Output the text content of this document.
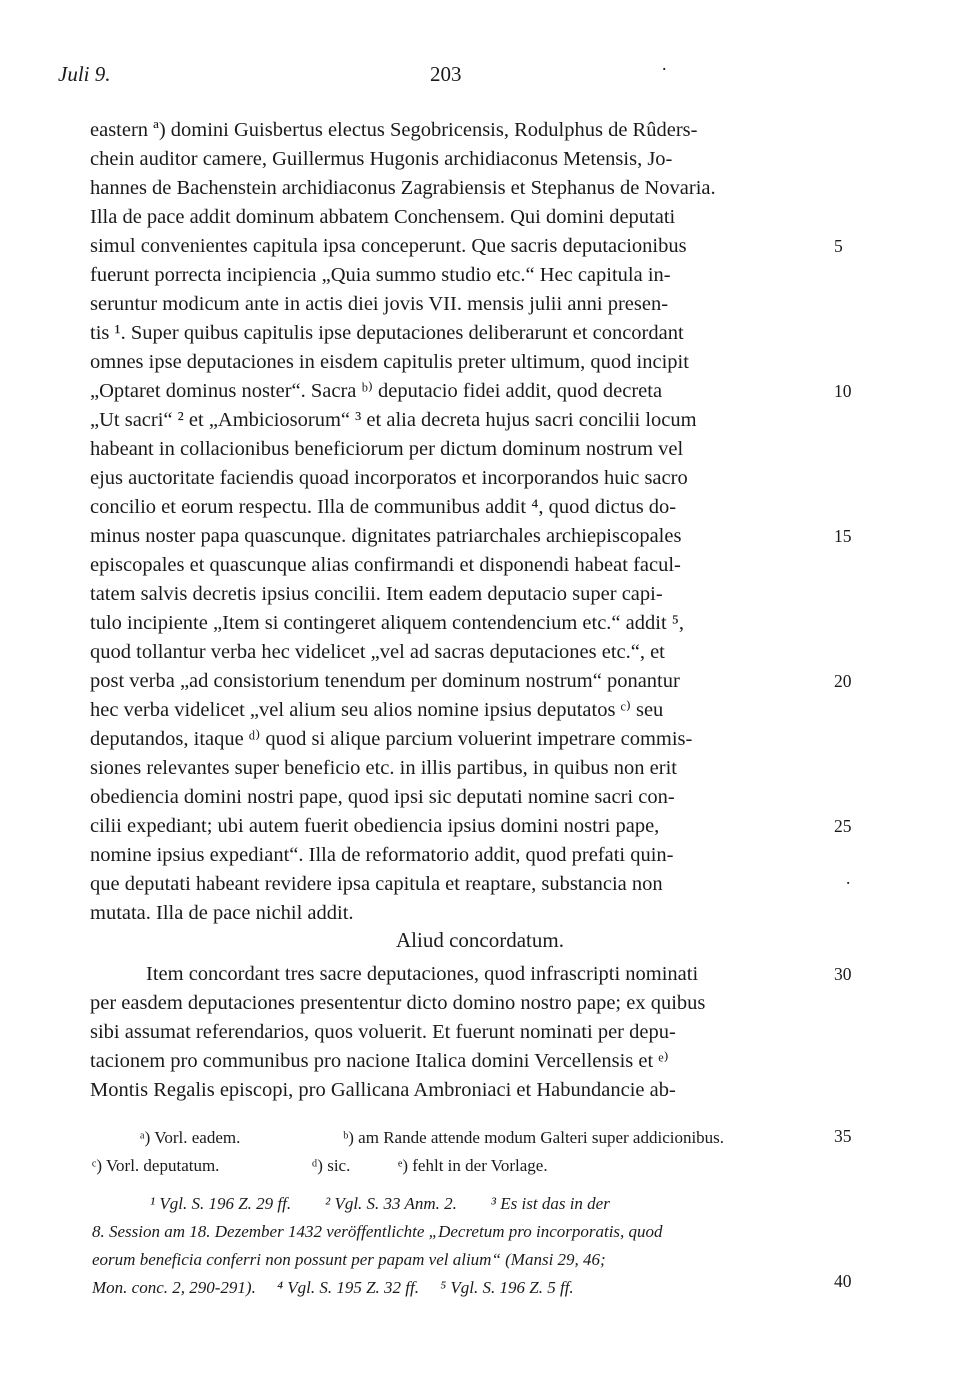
Juli 9.	203	.
eastern ª) domini Guisbertus electus Segobricensis, Rodulphus de Rûders-
chein auditor camere, Guillermus Hugonis archidiaconus Metensis, Jo-
hannes de Bachenstein archidiaconus Zagrabiensis et Stephanus de Novaria.
Illa de pace addit dominum abbatem Conchensem. Qui domini deputati
simul convenientes capitula ipsa conceperunt. Que sacris deputacionibus
fuerunt porrecta incipiencia „Quia summo studio etc.“ Hec capitula in-
seruntur modicum ante in actis diei jovis VII. mensis julii anni presen-
tis ¹. Super quibus capitulis ipse deputaciones deliberarunt et concordant
omnes ipse deputaciones in eisdem capitulis preter ultimum, quod incipit
„Optaret dominus noster“. Sacra ᵇ⁾ deputacio fidei addit, quod decreta
„Ut sacri“ ² et „Ambiciosorum“ ³ et alia decreta hujus sacri concilii locum
habeant in collacionibus beneficiorum per dictum dominum nostrum vel
ejus auctoritate faciendis quoad incorporatos et incorporandos huic sacro
concilio et eorum respectu. Illa de communibus addit ⁴, quod dictus do-
minus noster papa quascunque. dignitates patriarchales archiepiscopales
episcopales et quascunque alias confirmandi et disponendi habeat facul-
tatem salvis decretis ipsius concilii. Item eadem deputacio super capi-
tulo incipiente „Item si contingeret aliquem contendencium etc.“ addit ⁵,
quod tollantur verba hec videlicet „vel ad sacras deputaciones etc.“, et
post verba „ad consistorium tenendum per dominum nostrum“ ponantur
hec verba videlicet „vel alium seu alios nomine ipsius deputatos ᶜ⁾ seu
deputandos, itaque ᵈ⁾ quod si alique parcium voluerint impetrare commis-
siones relevantes super beneficio etc. in illis partibus, in quibus non erit
obediencia domini nostri pape, quod ipsi sic deputati nomine sacri con-
cilii expediant; ubi autem fuerit obediencia ipsius domini nostri pape,
nomine ipsius expediant“. Illa de reformatorio addit, quod prefati quin-
que deputati habeant revidere ipsa capitula et reaptare, substancia non
mutata. Illa de pace nichil addit.
Aliud concordatum.
Item concordant tres sacre deputaciones, quod infrascripti nominati
per easdem deputaciones presententur dicto domino nostro pape; ex quibus
sibi assumat referendarios, quos voluerit. Et fuerunt nominati per depu-
tacionem pro communibus pro nacione Italica domini Vercellensis et ᵉ⁾
Montis Regalis episcopi, pro Gallicana Ambroniaci et Habundancie ab-
5
10
15
20
25
.
30
35
40
ᵃ) Vorl. eadem.	ᵇ) am Rande attende modum Galteri super addicionibus.
ᶜ) Vorl. deputatum.	ᵈ) sic.	ᵉ) fehlt in der Vorlage.
¹ Vgl. S. 196 Z. 29 ff.        ² Vgl. S. 33 Anm. 2.        ³ Es ist das in der
8. Session am 18. Dezember 1432 veröffentlichte „Decretum pro incorporatis, quod
eorum beneficia conferri non possunt per papam vel alium“ (Mansi 29, 46;
Mon. conc. 2, 290-291).     ⁴ Vgl. S. 195 Z. 32 ff.     ⁵ Vgl. S. 196 Z. 5 ff.
